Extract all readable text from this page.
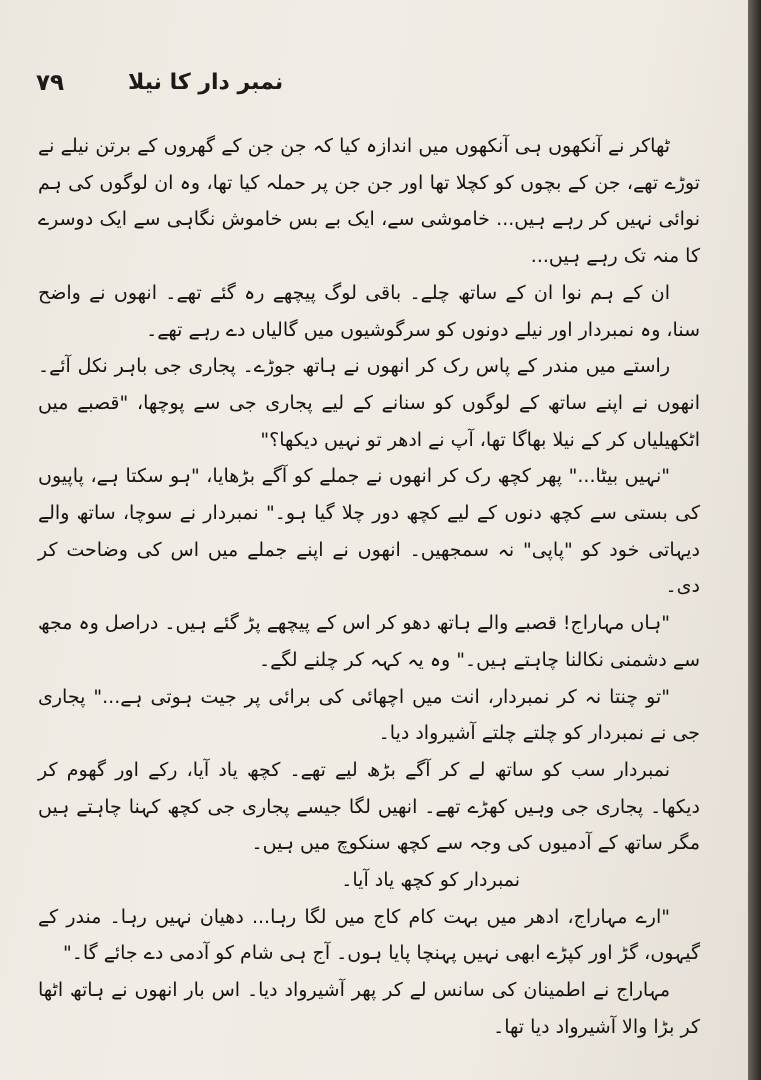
۷۹	نمبر دار کا نیلا

ٹھاکر نے آنکھوں ہی آنکھوں میں اندازہ کیا کہ جن جن کے گھروں کے برتن نیلے نے توڑے تھے، جن کے بچوں کو کچلا تھا اور جن جن پر حملہ کیا تھا، وہ ان لوگوں کی ہم نوائی نہیں کر رہے ہیں... خاموشی سے، ایک بے بس خاموش نگاہی سے ایک دوسرے کا منہ تک رہے ہیں...

ان کے ہم نوا ان کے ساتھ چلے۔ باقی لوگ پیچھے رہ گئے تھے۔ انھوں نے واضح سنا، وہ نمبردار اور نیلے دونوں کو سرگوشیوں میں گالیاں دے رہے تھے۔

راستے میں مندر کے پاس رک کر انھوں نے ہاتھ جوڑے۔ پجاری جی باہر نکل آئے۔ انھوں نے اپنے ساتھ کے لوگوں کو سنانے کے لیے پجاری جی سے پوچھا، "قصبے میں اٹکھیلیاں کر کے نیلا بھاگا تھا، آپ نے ادھر تو نہیں دیکھا؟"

"نہیں بیٹا..." پھر کچھ رک کر انھوں نے جملے کو آگے بڑھایا، "ہو سکتا ہے، پاپیوں کی بستی سے کچھ دنوں کے لیے کچھ دور چلا گیا ہو۔" نمبردار نے سوچا، ساتھ والے دیہاتی خود کو "پاپی" نہ سمجھیں۔ انھوں نے اپنے جملے میں اس کی وضاحت کر دی۔

"ہاں مہاراج! قصبے والے ہاتھ دھو کر اس کے پیچھے پڑ گئے ہیں۔ دراصل وہ مجھ سے دشمنی نکالنا چاہتے ہیں۔" وہ یہ کہہ کر چلنے لگے۔

"تو چنتا نہ کر نمبردار، انت میں اچھائی کی برائی پر جیت ہوتی ہے..." پجاری جی نے نمبردار کو چلتے چلتے آشیرواد دیا۔

نمبردار سب کو ساتھ لے کر آگے بڑھ لیے تھے۔ کچھ یاد آیا، رکے اور گھوم کر دیکھا۔ پجاری جی وہیں کھڑے تھے۔ انھیں لگا جیسے پجاری جی کچھ کہنا چاہتے ہیں مگر ساتھ کے آدمیوں کی وجہ سے کچھ سنکوچ میں ہیں۔

نمبردار کو کچھ یاد آیا۔

"ارے مہاراج، ادھر میں بہت کام کاج میں لگا رہا... دھیان نہیں رہا۔ مندر کے گیہوں، گڑ اور کپڑے ابھی نہیں پہنچا پایا ہوں۔ آج ہی شام کو آدمی دے جائے گا۔"

مہاراج نے اطمینان کی سانس لے کر پھر آشیرواد دیا۔ اس بار انھوں نے ہاتھ اٹھا کر بڑا والا آشیرواد دیا تھا۔
